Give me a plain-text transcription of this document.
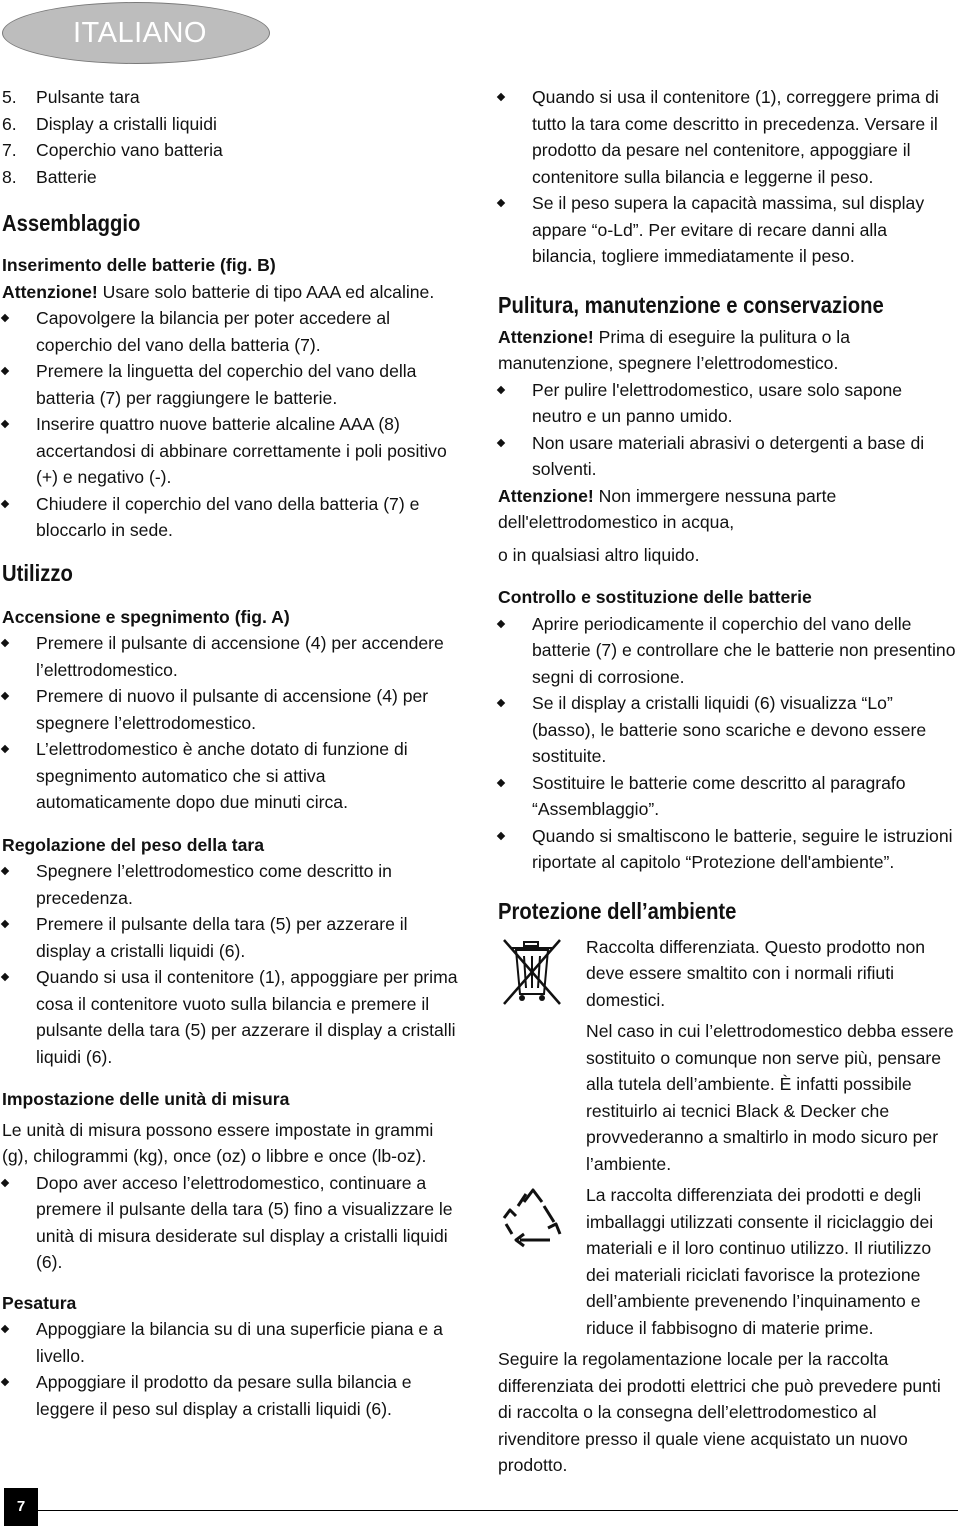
ITALIANO
5.	Pulsante tara
6.	Display a cristalli liquidi
7.	Coperchio vano batteria
8.	Batterie

Assemblaggio

Inserimento delle batterie (fig. B)

Attenzione! Usare solo batterie di tipo AAA ed alcaline.

Capovolgere la bilancia per poter accedere al coperchio del vano della batteria (7).
Premere la linguetta del coperchio del vano della batteria (7) per raggiungere le batterie.
Inserire quattro nuove batterie alcaline AAA (8) accertandosi di abbinare correttamente i poli positivo (+) e negativo (-).
Chiudere il coperchio del vano della batteria (7) e bloccarlo in sede.

Utilizzo

Accensione e spegnimento (fig. A)

Premere il pulsante di accensione (4) per accendere l’elettrodomestico.
Premere di nuovo il pulsante di accensione (4) per spegnere l’elettrodomestico.
L’elettrodomestico è anche dotato di funzione di spegnimento automatico che si attiva automaticamente dopo due minuti circa.

Regolazione del peso della tara

Spegnere l’elettrodomestico come descritto in precedenza.
Premere il pulsante della tara (5) per azzerare il display a cristalli liquidi (6).
Quando si usa il contenitore (1), appoggiare per prima cosa il contenitore vuoto sulla bilancia e premere il pulsante della tara (5) per azzerare il display a cristalli liquidi (6).

Impostazione delle unità di misura

Le unità di misura possono essere impostate in grammi (g), chilogrammi (kg), once (oz) o libbre e once (lb-oz).

Dopo aver acceso l’elettrodomestico, continuare a premere il pulsante della tara (5) fino a visualizzare le unità di misura desiderate sul display a cristalli liquidi (6).

Pesatura

Appoggiare la bilancia su di una superficie piana e a livello.
Appoggiare il prodotto da pesare sulla bilancia e leggere il peso sul display a cristalli liquidi (6).
Quando si usa il contenitore (1), correggere prima di tutto la tara come descritto in precedenza. Versare il prodotto da pesare nel contenitore, appoggiare il contenitore sulla bilancia e leggerne il peso.
Se il peso supera la capacità massima, sul display appare “o-Ld”. Per evitare di recare danni alla bilancia, togliere immediatamente il peso.

Pulitura, manutenzione e conservazione

Attenzione! Prima di eseguire la pulitura o la manutenzione, spegnere l’elettrodomestico.

Per pulire l'elettrodomestico, usare solo sapone neutro e un panno umido.
Non usare materiali abrasivi o detergenti a base di solventi.

Attenzione! Non immergere nessuna parte dell'elettrodomestico in acqua,

o in qualsiasi altro liquido.

Controllo e sostituzione delle batterie

Aprire periodicamente il coperchio del vano delle batterie (7) e controllare che le batterie non presentino segni di corrosione.
Se il display a cristalli liquidi (6) visualizza “Lo” (basso), le batterie sono scariche e devono essere sostituite.
Sostituire le batterie come descritto al paragrafo “Assemblaggio”.
Quando si smaltiscono le batterie, seguire le istruzioni riportate al capitolo “Protezione dell'ambiente”.

Protezione dell’ambiente

Raccolta differenziata. Questo prodotto non deve essere smaltito con i normali rifiuti domestici.

Nel caso in cui l’elettrodomestico debba essere sostituito o comunque non serve più, pensare alla tutela dell’ambiente. È infatti possibile restituirlo ai tecnici Black & Decker che provvederanno a smaltirlo in modo sicuro per l’ambiente.

La raccolta differenziata dei prodotti e degli imballaggi utilizzati consente il riciclaggio dei materiali e il loro continuo utilizzo. Il riutilizzo dei materiali riciclati favorisce la protezione dell’ambiente prevenendo l’inquinamento e riduce il fabbisogno di materie prime.

Seguire la regolamentazione locale per la raccolta differenziata dei prodotti elettrici che può prevedere punti di raccolta o la consegna dell’elettrodomestico al rivenditore presso il quale viene acquistato un nuovo prodotto.

7
